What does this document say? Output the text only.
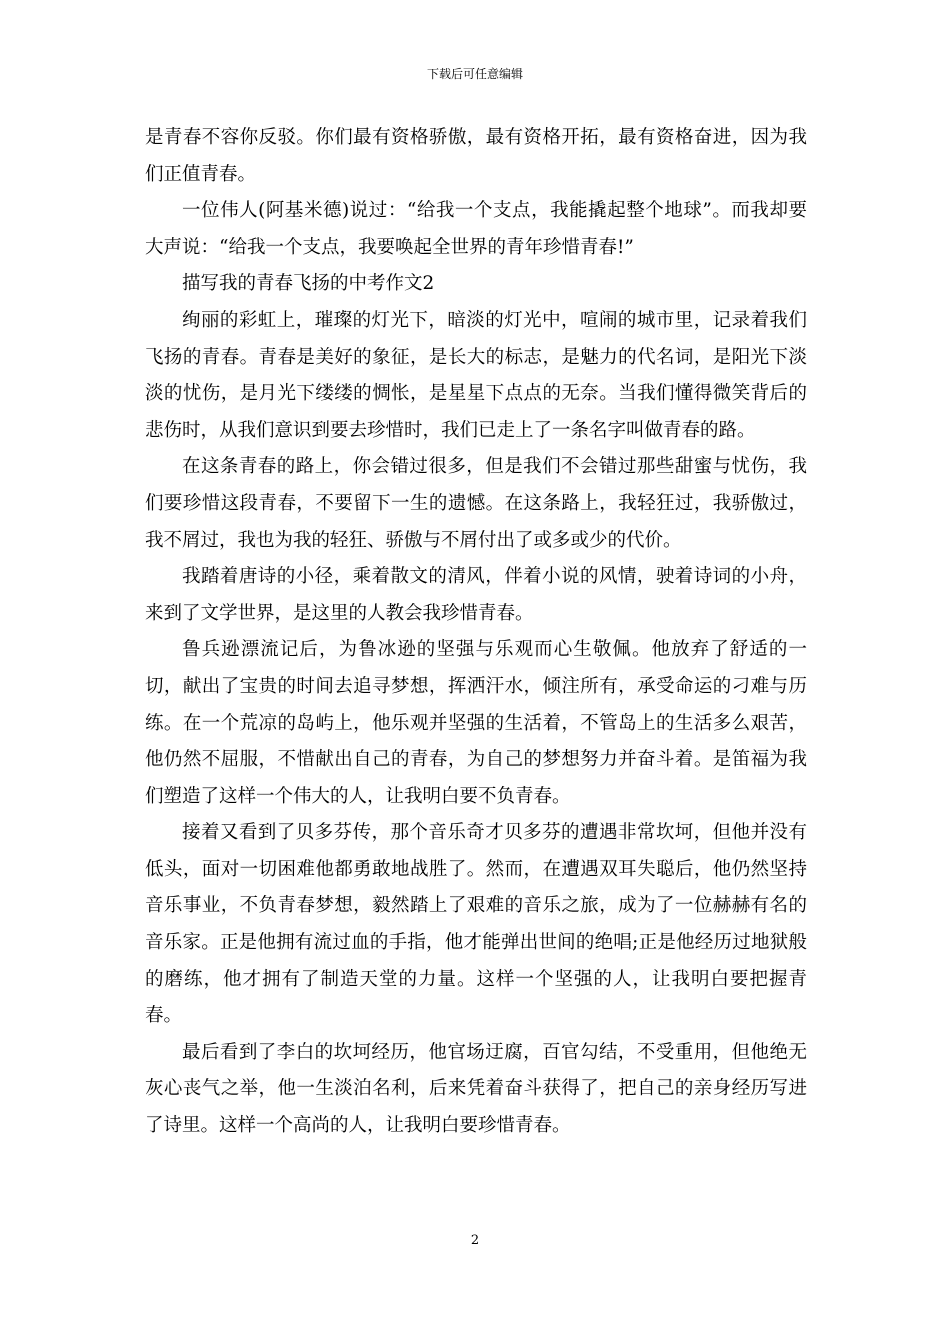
下载后可任意编辑

是青春不容你反驳。你们最有资格骄傲，最有资格开拓，最有资格奋进，因为我们正值青春。

一位伟人(阿基米德)说过：“给我一个支点，我能撬起整个地球”。而我却要大声说：“给我一个支点，我要唤起全世界的青年珍惜青春!”

描写我的青春飞扬的中考作文2

绚丽的彩虹上，璀璨的灯光下，暗淡的灯光中，喧闹的城市里，记录着我们飞扬的青春。青春是美好的象征，是长大的标志，是魅力的代名词，是阳光下淡淡的忧伤，是月光下缕缕的惆怅，是星星下点点的无奈。当我们懂得微笑背后的悲伤时，从我们意识到要去珍惜时，我们已走上了一条名字叫做青春的路。

在这条青春的路上，你会错过很多，但是我们不会错过那些甜蜜与忧伤，我们要珍惜这段青春，不要留下一生的遗憾。在这条路上，我轻狂过，我骄傲过，我不屑过，我也为我的轻狂、骄傲与不屑付出了或多或少的代价。

我踏着唐诗的小径，乘着散文的清风，伴着小说的风情，驶着诗词的小舟，来到了文学世界，是这里的人教会我珍惜青春。

鲁兵逊漂流记后，为鲁冰逊的坚强与乐观而心生敬佩。他放弃了舒适的一切，献出了宝贵的时间去追寻梦想，挥洒汗水，倾注所有，承受命运的刁难与历练。在一个荒凉的岛屿上，他乐观并坚强的生活着，不管岛上的生活多么艰苦，他仍然不屈服，不惜献出自己的青春，为自己的梦想努力并奋斗着。是笛福为我们塑造了这样一个伟大的人，让我明白要不负青春。

接着又看到了贝多芬传，那个音乐奇才贝多芬的遭遇非常坎坷，但他并没有低头，面对一切困难他都勇敢地战胜了。然而，在遭遇双耳失聪后，他仍然坚持音乐事业，不负青春梦想，毅然踏上了艰难的音乐之旅，成为了一位赫赫有名的音乐家。正是他拥有流过血的手指，他才能弹出世间的绝唱;正是他经历过地狱般的磨练，他才拥有了制造天堂的力量。这样一个坚强的人，让我明白要把握青春。

最后看到了李白的坎坷经历，他官场迂腐，百官勾结，不受重用，但他绝无灰心丧气之举，他一生淡泊名利，后来凭着奋斗获得了，把自己的亲身经历写进了诗里。这样一个高尚的人，让我明白要珍惜青春。

2
